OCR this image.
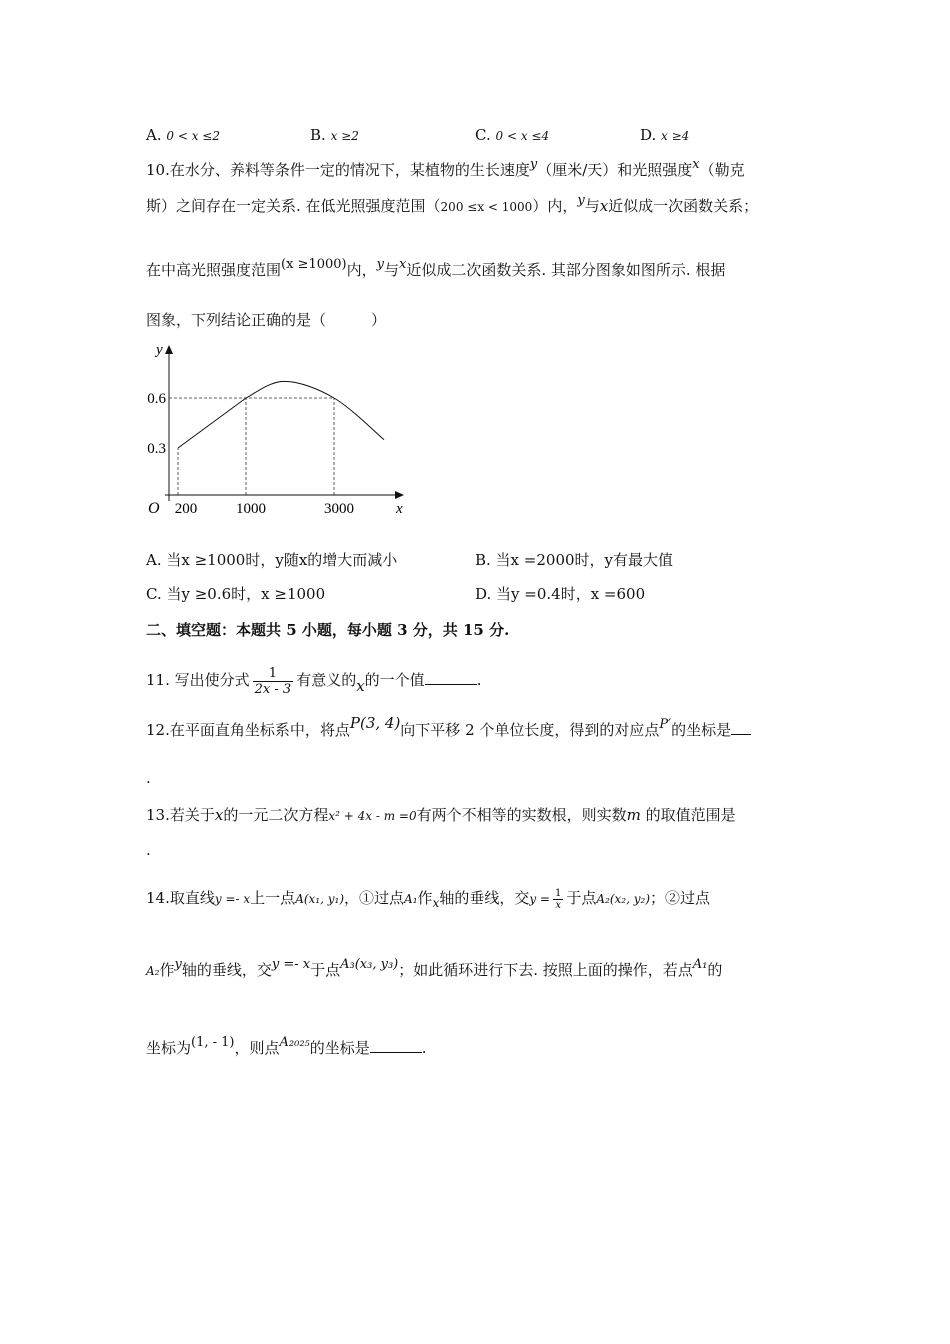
A. 0 < x ≤2	B. x ≥2	C. 0 < x ≤4	D. x ≥4
10.在水分、养料等条件一定的情况下，某植物的生长速度y（厘米/天）和光照强度x（勒克
斯）之间存在一定关系. 在低光照强度范围（200 ≤x < 1000）内，y与x近似成一次函数关系；
在中高光照强度范围(x ≥1000)内，y与x近似成二次函数关系. 其部分图象如图所示. 根据
图象，下列结论正确的是（　　　）
x
y
O 200	1000	3000
0.3
0.6
A. 当x ≥1000时，y随x的增大而减小	B. 当x =2000时，y有最大值
C. 当y ≥0.6时，x ≥1000	D. 当y =0.4时，x =600
二、填空题：本题共 5 小题，每小题 3 分，共 15 分.
11. 写出使分式 $\frac{1}{2x - 3}$ 有意义的x的一个值	.
12.在平面直角坐标系中，将点P(3, 4)向下平移 2 个单位长度，得到的对应点P′的坐标是
.
13.若关于x的一元二次方程x² + 4x - m =0有两个不相等的实数根，则实数m 的取值范围是
.
14.取直线y =- x上一点A(x₁, y₁)，①过点A₁作$_x$轴的垂线，交$y = \frac{1}{x}$ 于点A₂(x₂, y₂)；②过点
A₂作y轴的垂线，交y =- x于点A₃(x₃, y₃)；如此循环进行下去. 按照上面的操作，若点A₁的
坐标为(1, - 1)，则点A₂₀₂₅的坐标是	.
